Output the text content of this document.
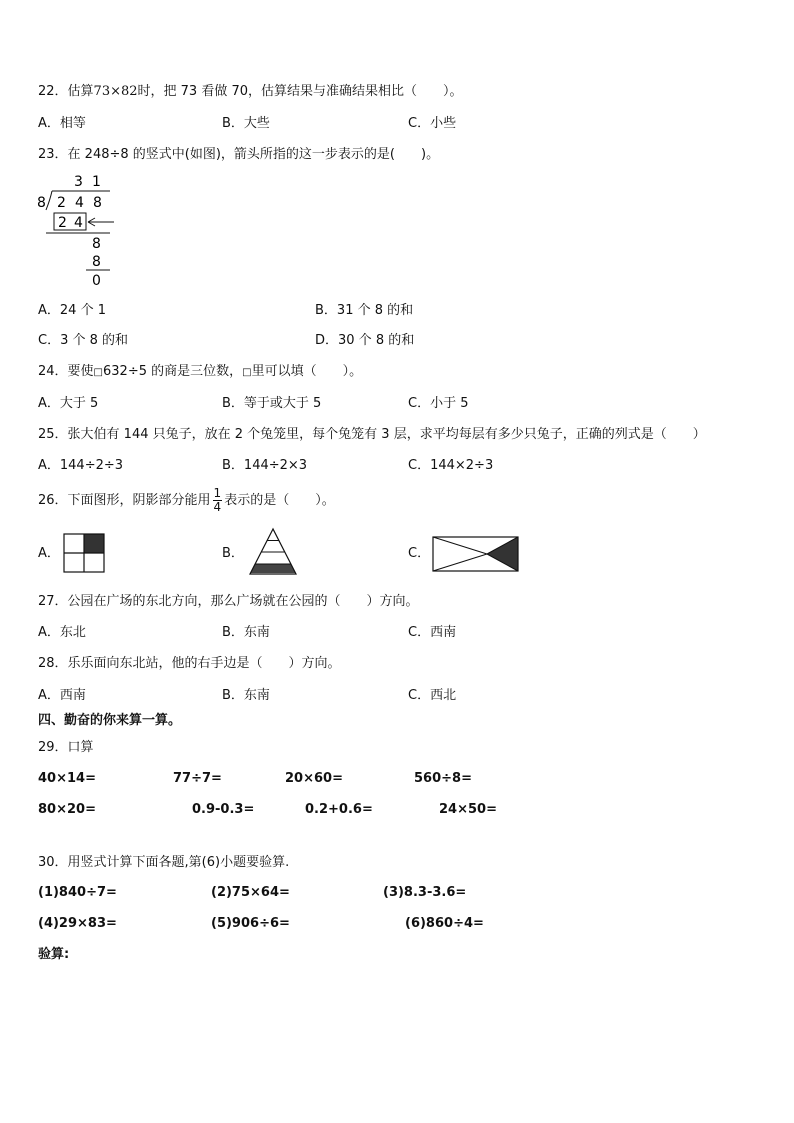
22．估算73×82时，把 73 看做 70，估算结果与准确结果相比（　　）。
A．相等	B．大些	C．小些
23．在 248÷8 的竖式中(如图)，箭头所指的这一步表示的是(　　)。
3 1
8 2 4 8
2 4
8
8
0
A．24 个 1	B．31 个 8 的和
C．3 个 8 的和	D．30 个 8 的和
24．要使□632÷5 的商是三位数，□里可以填（　　）。
A．大于 5	B．等于或大于 5	C．小于 5
25．张大伯有 144 只兔子，放在 2 个兔笼里，每个兔笼有 3 层，求平均每层有多少只兔子，正确的列式是（　　）
A．144÷2÷3	B．144÷2×3	C．144×2÷3
26．下面图形，阴影部分能用 $\frac{1}{4}$ 表示的是（　　）。
A．	B．	C．
27．公园在广场的东北方向，那么广场就在公园的（　　）方向。
A．东北	B．东南	C．西南
28．乐乐面向东北站，他的右手边是（　　）方向。
A．西南	B．东南	C．西北
四、勤奋的你来算一算。
29．口算
40×14=	77÷7=	20×60=	560÷8=
80×20=	0.9-0.3=	0.2+0.6=	24×50=
30．用竖式计算下面各题,第(6)小题要验算.
(1)840÷7=	(2)75×64=	(3)8.3-3.6=
(4)29×83=	(5)906÷6=	(6)860÷4=
验算:
